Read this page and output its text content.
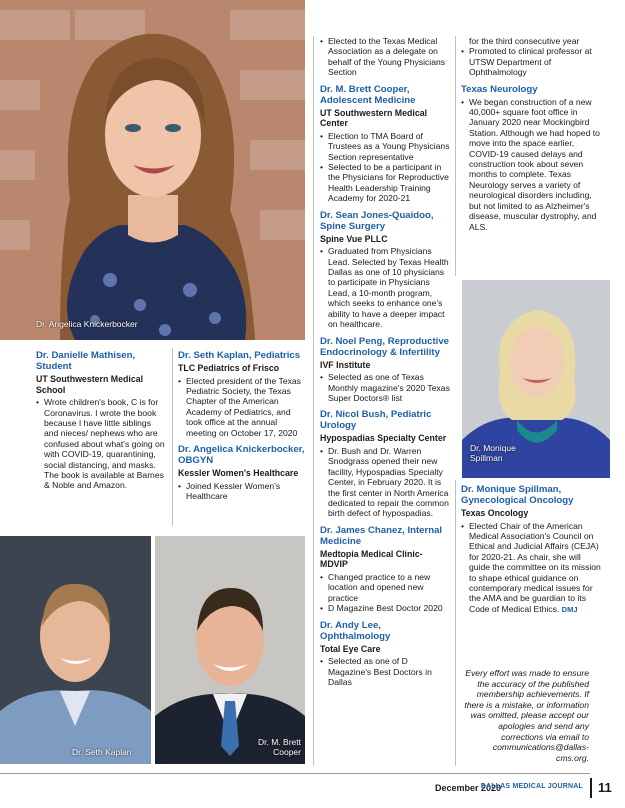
Dr. Angelica Knickerbocker
Dr. Monique Spillman
Dr. Seth Kaplan
Dr. M. Brett Cooper
Dr. Danielle Mathisen, Student
UT Southwestern Medical School
• Wrote children's book, C is for Coronavirus. I wrote the book because I have little siblings and nieces/ nephews who are confused about what's going on with COVID-19, quarantining, social distancing, and masks. The book is available at Barnes & Noble and Amazon.
Dr. Seth Kaplan, Pediatrics
TLC Pediatrics of Frisco
• Elected president of the Texas Pediatric Society, the Texas Chapter of the American Academy of Pediatrics, and took office at the annual meeting on October 17, 2020
Dr. Angelica Knickerbocker, OBGYN
Kessler Women's Healthcare
• Joined Kessler Women's Healthcare
• Elected to the Texas Medical Association as a delegate on behalf of the Young Physicians Section
Dr. M. Brett Cooper, Adolescent Medicine
UT Southwestern Medical Center
• Election to TMA Board of Trustees as a Young Physicians Section representative
• Selected to be a participant in the Physicians for Reproductive Health Leadership Training Academy for 2020-21
Dr. Sean Jones-Quaidoo, Spine Surgery
Spine Vue PLLC
• Graduated from Physicians Lead. Selected by Texas Health Dallas as one of 10 physicians to participate in Physicians Lead, a 10-month program, which seeks to enhance one's ability to have a deeper impact on healthcare.
Dr. Noel Peng, Reproductive Endocrinology & Infertility
IVF Institute
• Selected as one of Texas Monthly magazine's 2020 Texas Super Doctors® list
Dr. Nicol Bush, Pediatric Urology
Hypospadias Specialty Center
• Dr. Bush and Dr. Warren Snodgrass opened their new facility, Hypospadias Specialty Center, in February 2020. It is the first center in North America dedicated to repair the common birth defect of hypospadias.
Dr. James Chanez, Internal Medicine
Medtopia Medical Clinic-MDVIP
• Changed practice to a new location and opened new practice
• D Magazine Best Doctor 2020
Dr. Andy Lee, Ophthalmology
Total Eye Care
• Selected as one of D Magazine's Best Doctors in Dallas
for the third consecutive year
• Promoted to clinical professor at UTSW Department of Ophthalmology
Texas Neurology
• We began construction of a new 40,000+ square foot office in January 2020 near Mockingbird Station. Although we had hoped to move into the space earlier, COVID-19 caused delays and construction took about seven months to complete. Texas Neurology serves a variety of neurological disorders including, but not limited to as Alzheimer's disease, muscular dystrophy, and ALS.
Dr. Monique Spillman, Gynecological Oncology
Texas Oncology
• Elected Chair of the American Medical Association's Council on Ethical and Judicial Affairs (CEJA) for 2020-21. As chair, she will guide the committee on its mission to shape ethical guidance on contemporary medical issues for the AMA and be guardian to its Code of Medical Ethics. DMJ
Every effort was made to ensure the accuracy of the published membership achievements. If there is a mistake, or information was omitted, please accept our apologies and send any corrections via email to communications@dallas-cms.org.
December 2020
DALLAS MEDICAL JOURNAL 11
